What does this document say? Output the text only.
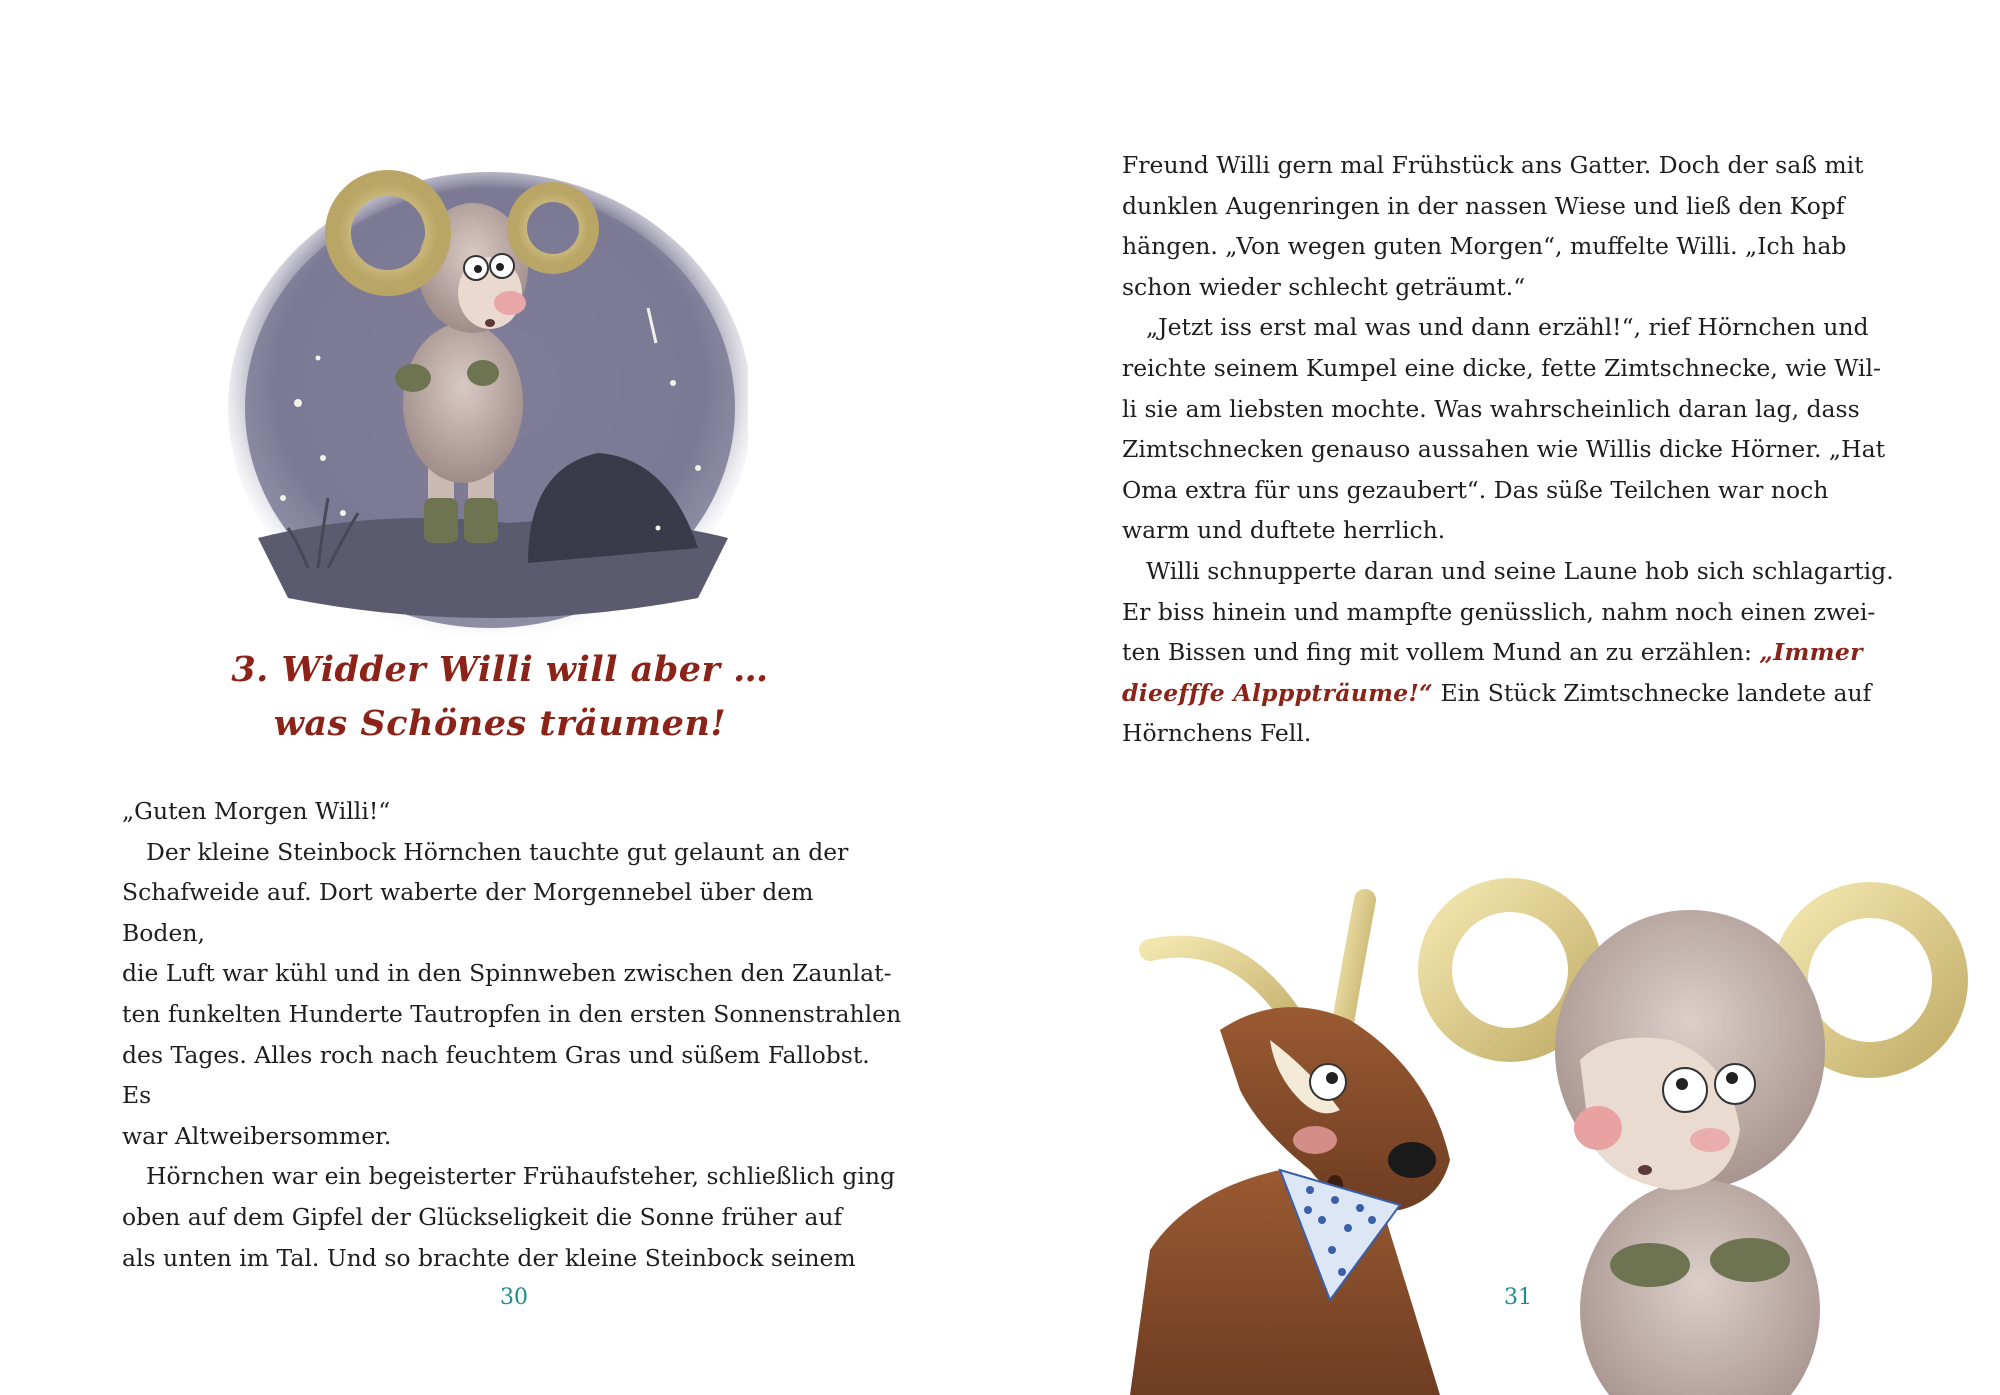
3. Widder Willi will aber …
was Schönes träumen!

„Guten Morgen Willi!“

Der kleine Steinbock Hörnchen tauchte gut gelaunt an der
Schafweide auf. Dort waberte der Morgennebel über dem Boden,
die Luft war kühl und in den Spinnweben zwischen den Zaunlat-
ten funkelten Hunderte Tautropfen in den ersten Sonnenstrahlen
des Tages. Alles roch nach feuchtem Gras und süßem Fallobst. Es
war Altweibersommer.

Hörnchen war ein begeisterter Frühaufsteher, schließlich ging
oben auf dem Gipfel der Glückseligkeit die Sonne früher auf
als unten im Tal. Und so brachte der kleine Steinbock seinem

30

Freund Willi gern mal Frühstück ans Gatter. Doch der saß mit
dunklen Augenringen in der nassen Wiese und ließ den Kopf
hängen. „Von wegen guten Morgen“, muffelte Willi. „Ich hab
schon wieder schlecht geträumt.“

„Jetzt iss erst mal was und dann erzähl!“, rief Hörnchen und
reichte seinem Kumpel eine dicke, fette Zimtschnecke, wie Wil-
li sie am liebsten mochte. Was wahrscheinlich daran lag, dass
Zimtschnecken genauso aussahen wie Willis dicke Hörner. „Hat
Oma extra für uns gezaubert“. Das süße Teilchen war noch
warm und duftete herrlich.

Willi schnupperte daran und seine Laune hob sich schlagartig.
Er biss hinein und mampfte genüsslich, nahm noch einen zwei-
ten Bissen und fing mit vollem Mund an zu erzählen: „Immer
dieefffe Alpppträume!“ Ein Stück Zimtschnecke landete auf
Hörnchens Fell.

31
